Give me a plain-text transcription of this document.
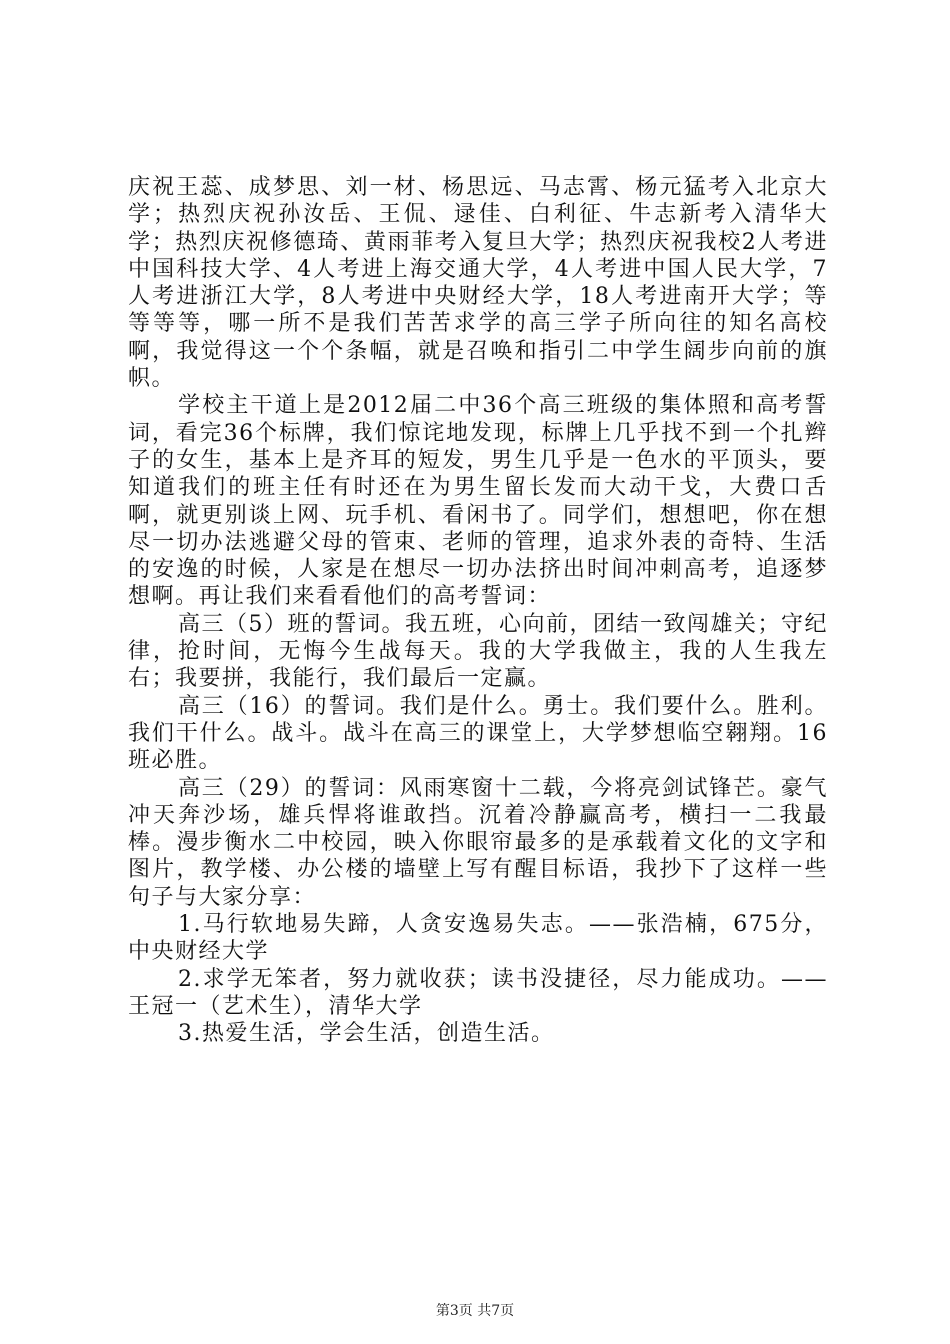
庆祝王蕊、成梦思、刘一材、杨思远、马志霄、杨元猛考入北京大学；热烈庆祝孙汝岳、王侃、逯佳、白利征、牛志新考入清华大学；热烈庆祝修德琦、黄雨菲考入复旦大学；热烈庆祝我校2人考进中国科技大学、4人考进上海交通大学，4人考进中国人民大学，7人考进浙江大学，8人考进中央财经大学，18人考进南开大学；等等等等，哪一所不是我们苦苦求学的高三学子所向往的知名高校啊，我觉得这一个个条幅，就是召唤和指引二中学生阔步向前的旗帜。

学校主干道上是2012届二中36个高三班级的集体照和高考誓词，看完36个标牌，我们惊诧地发现，标牌上几乎找不到一个扎辫子的女生，基本上是齐耳的短发，男生几乎是一色水的平顶头，要知道我们的班主任有时还在为男生留长发而大动干戈，大费口舌啊，就更别谈上网、玩手机、看闲书了。同学们，想想吧，你在想尽一切办法逃避父母的管束、老师的管理，追求外表的奇特、生活的安逸的时候，人家是在想尽一切办法挤出时间冲刺高考，追逐梦想啊。再让我们来看看他们的高考誓词：

高三（5）班的誓词。我五班，心向前，团结一致闯雄关；守纪律，抢时间，无悔今生战每天。我的大学我做主，我的人生我左右；我要拼，我能行，我们最后一定赢。

高三（16）的誓词。我们是什么。勇士。我们要什么。胜利。我们干什么。战斗。战斗在高三的课堂上，大学梦想临空翱翔。16班必胜。

高三（29）的誓词：风雨寒窗十二载，今将亮剑试锋芒。豪气冲天奔沙场，雄兵悍将谁敢挡。沉着冷静赢高考，横扫一二我最棒。漫步衡水二中校园，映入你眼帘最多的是承载着文化的文字和图片，教学楼、办公楼的墙壁上写有醒目标语，我抄下了这样一些句子与大家分享：

1.马行软地易失蹄，人贪安逸易失志。——张浩楠，675分，中央财经大学

2.求学无笨者，努力就收获；读书没捷径，尽力能成功。——王冠一（艺术生），清华大学

3.热爱生活，学会生活，创造生活。

第3页 共7页
